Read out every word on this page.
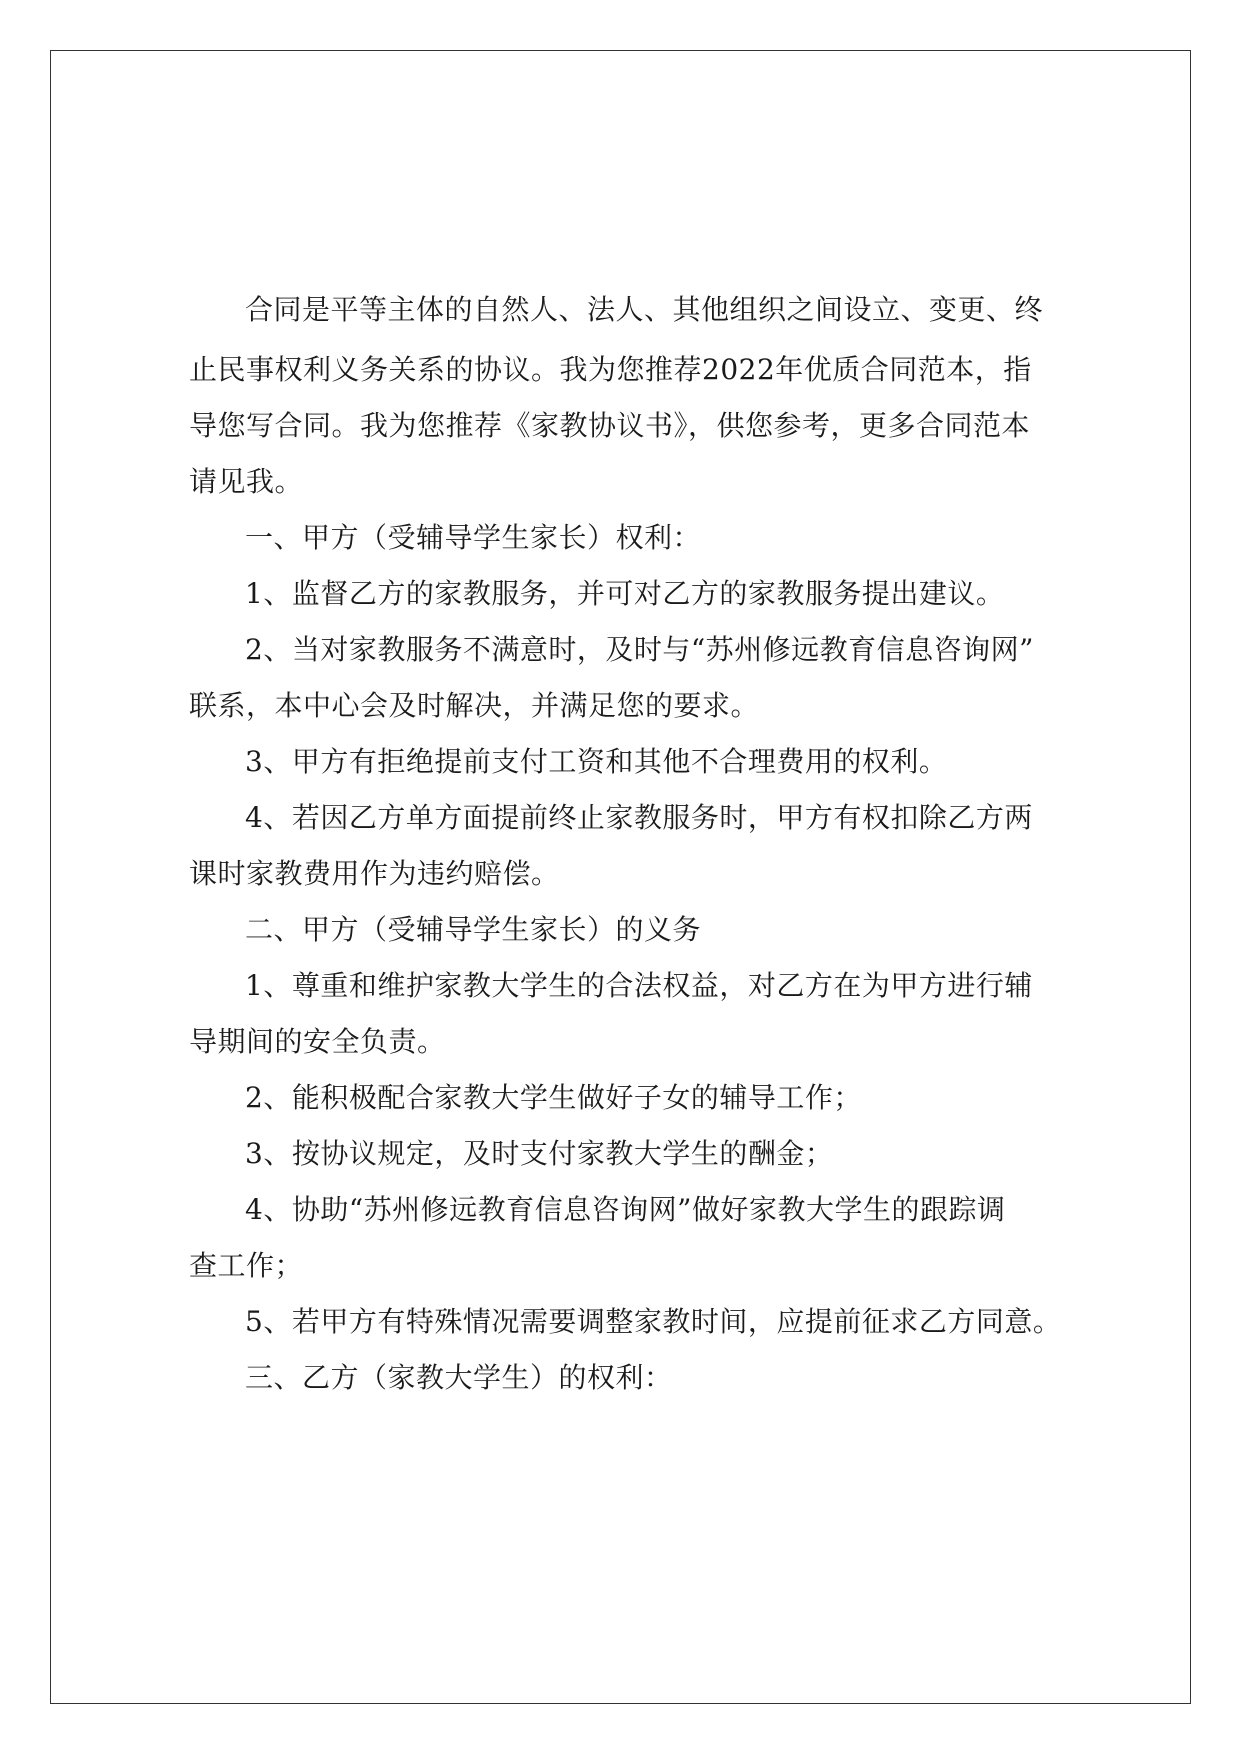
合同是平等主体的自然人、法人、其他组织之间设立、变更、终
止民事权利义务关系的协议。我为您推荐2022年优质合同范本，指
导您写合同。我为您推荐《家教协议书》，供您参考，更多合同范本
请见我。
一、甲方（受辅导学生家长）权利：
1、监督乙方的家教服务，并可对乙方的家教服务提出建议。
2、当对家教服务不满意时，及时与“苏州修远教育信息咨询网”
联系，本中心会及时解决，并满足您的要求。
3、甲方有拒绝提前支付工资和其他不合理费用的权利。
4、若因乙方单方面提前终止家教服务时，甲方有权扣除乙方两
课时家教费用作为违约赔偿。
二、甲方（受辅导学生家长）的义务
1、尊重和维护家教大学生的合法权益，对乙方在为甲方进行辅
导期间的安全负责。
2、能积极配合家教大学生做好子女的辅导工作；
3、按协议规定，及时支付家教大学生的酬金；
4、协助“苏州修远教育信息咨询网”做好家教大学生的跟踪调
查工作；
5、若甲方有特殊情况需要调整家教时间，应提前征求乙方同意。
三、乙方（家教大学生）的权利：
